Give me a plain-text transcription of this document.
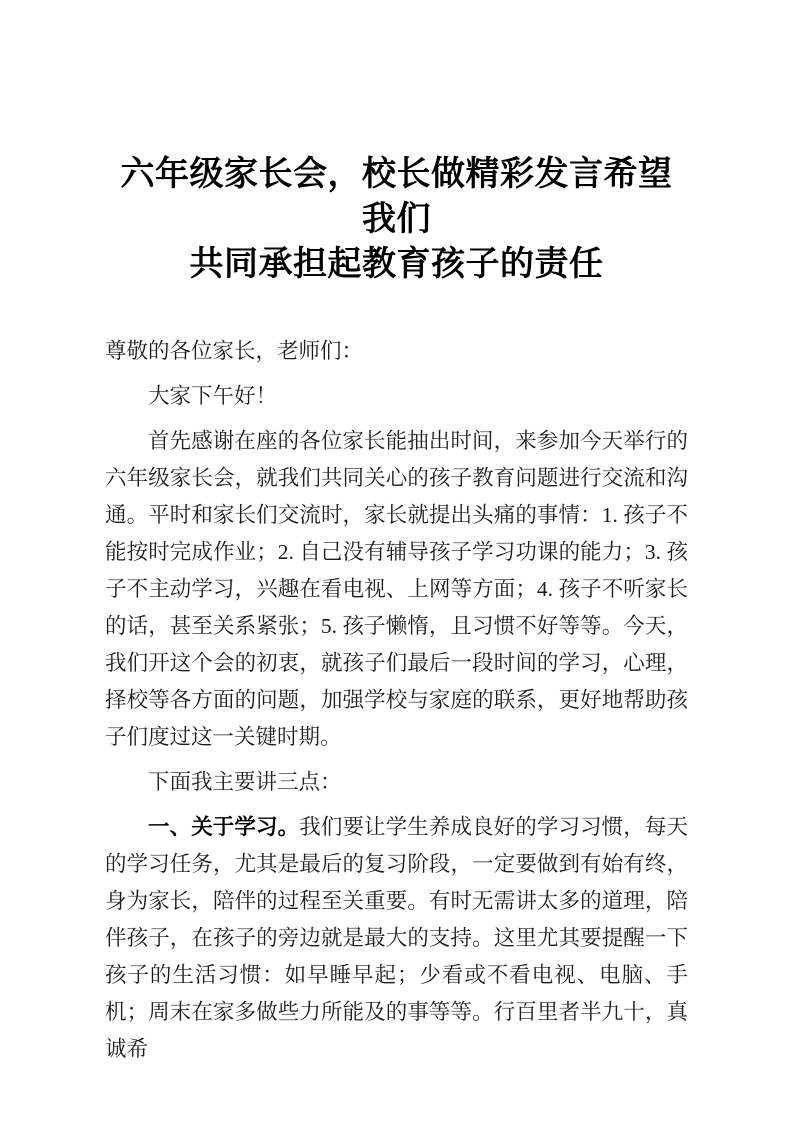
六年级家长会，校长做精彩发言希望我们
共同承担起教育孩子的责任

尊敬的各位家长，老师们：

大家下午好！

首先感谢在座的各位家长能抽出时间，来参加今天举行的六年级家长会，就我们共同关心的孩子教育问题进行交流和沟通。平时和家长们交流时，家长就提出头痛的事情：1. 孩子不能按时完成作业；2. 自己没有辅导孩子学习功课的能力；3. 孩子不主动学习，兴趣在看电视、上网等方面；4. 孩子不听家长的话，甚至关系紧张；5. 孩子懒惰，且习惯不好等等。今天，我们开这个会的初衷，就孩子们最后一段时间的学习，心理，择校等各方面的问题，加强学校与家庭的联系，更好地帮助孩子们度过这一关键时期。

下面我主要讲三点：

一、关于学习。我们要让学生养成良好的学习习惯，每天的学习任务，尤其是最后的复习阶段，一定要做到有始有终，身为家长，陪伴的过程至关重要。有时无需讲太多的道理，陪伴孩子，在孩子的旁边就是最大的支持。这里尤其要提醒一下孩子的生活习惯：如早睡早起；少看或不看电视、电脑、手机；周末在家多做些力所能及的事等等。行百里者半九十，真诚希
